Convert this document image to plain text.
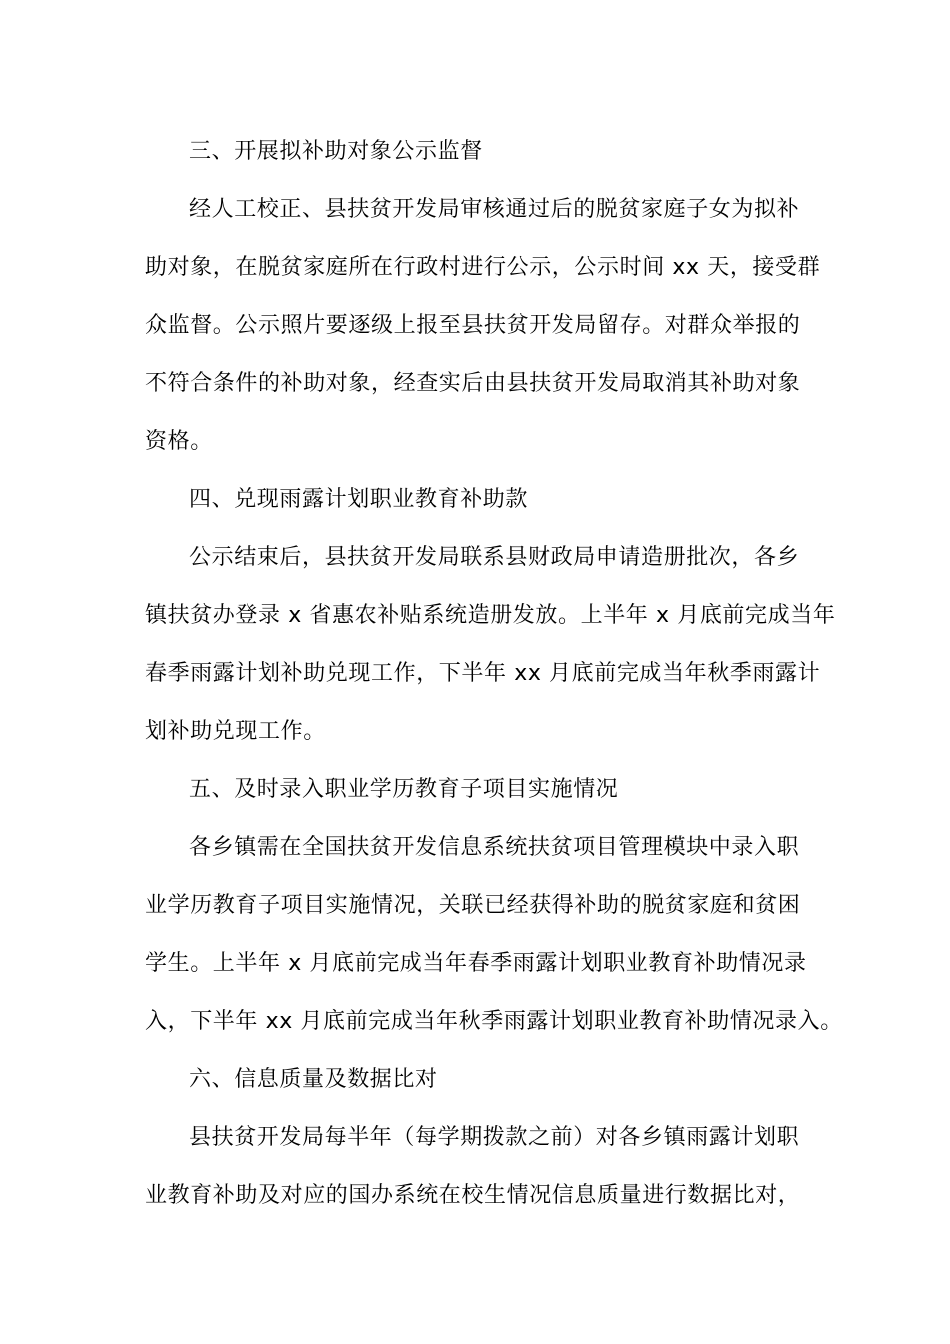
三、开展拟补助对象公示监督
经人工校正、县扶贫开发局审核通过后的脱贫家庭子女为拟补
助对象，在脱贫家庭所在行政村进行公示，公示时间 xx 天，接受群
众监督。公示照片要逐级上报至县扶贫开发局留存。对群众举报的
不符合条件的补助对象，经查实后由县扶贫开发局取消其补助对象
资格。
四、兑现雨露计划职业教育补助款
公示结束后，县扶贫开发局联系县财政局申请造册批次，各乡
镇扶贫办登录 x 省惠农补贴系统造册发放。上半年 x 月底前完成当年
春季雨露计划补助兑现工作，下半年 xx 月底前完成当年秋季雨露计
划补助兑现工作。
五、及时录入职业学历教育子项目实施情况
各乡镇需在全国扶贫开发信息系统扶贫项目管理模块中录入职
业学历教育子项目实施情况，关联已经获得补助的脱贫家庭和贫困
学生。上半年 x 月底前完成当年春季雨露计划职业教育补助情况录
入，下半年 xx 月底前完成当年秋季雨露计划职业教育补助情况录入。
六、信息质量及数据比对
县扶贫开发局每半年（每学期拨款之前）对各乡镇雨露计划职
业教育补助及对应的国办系统在校生情况信息质量进行数据比对，
